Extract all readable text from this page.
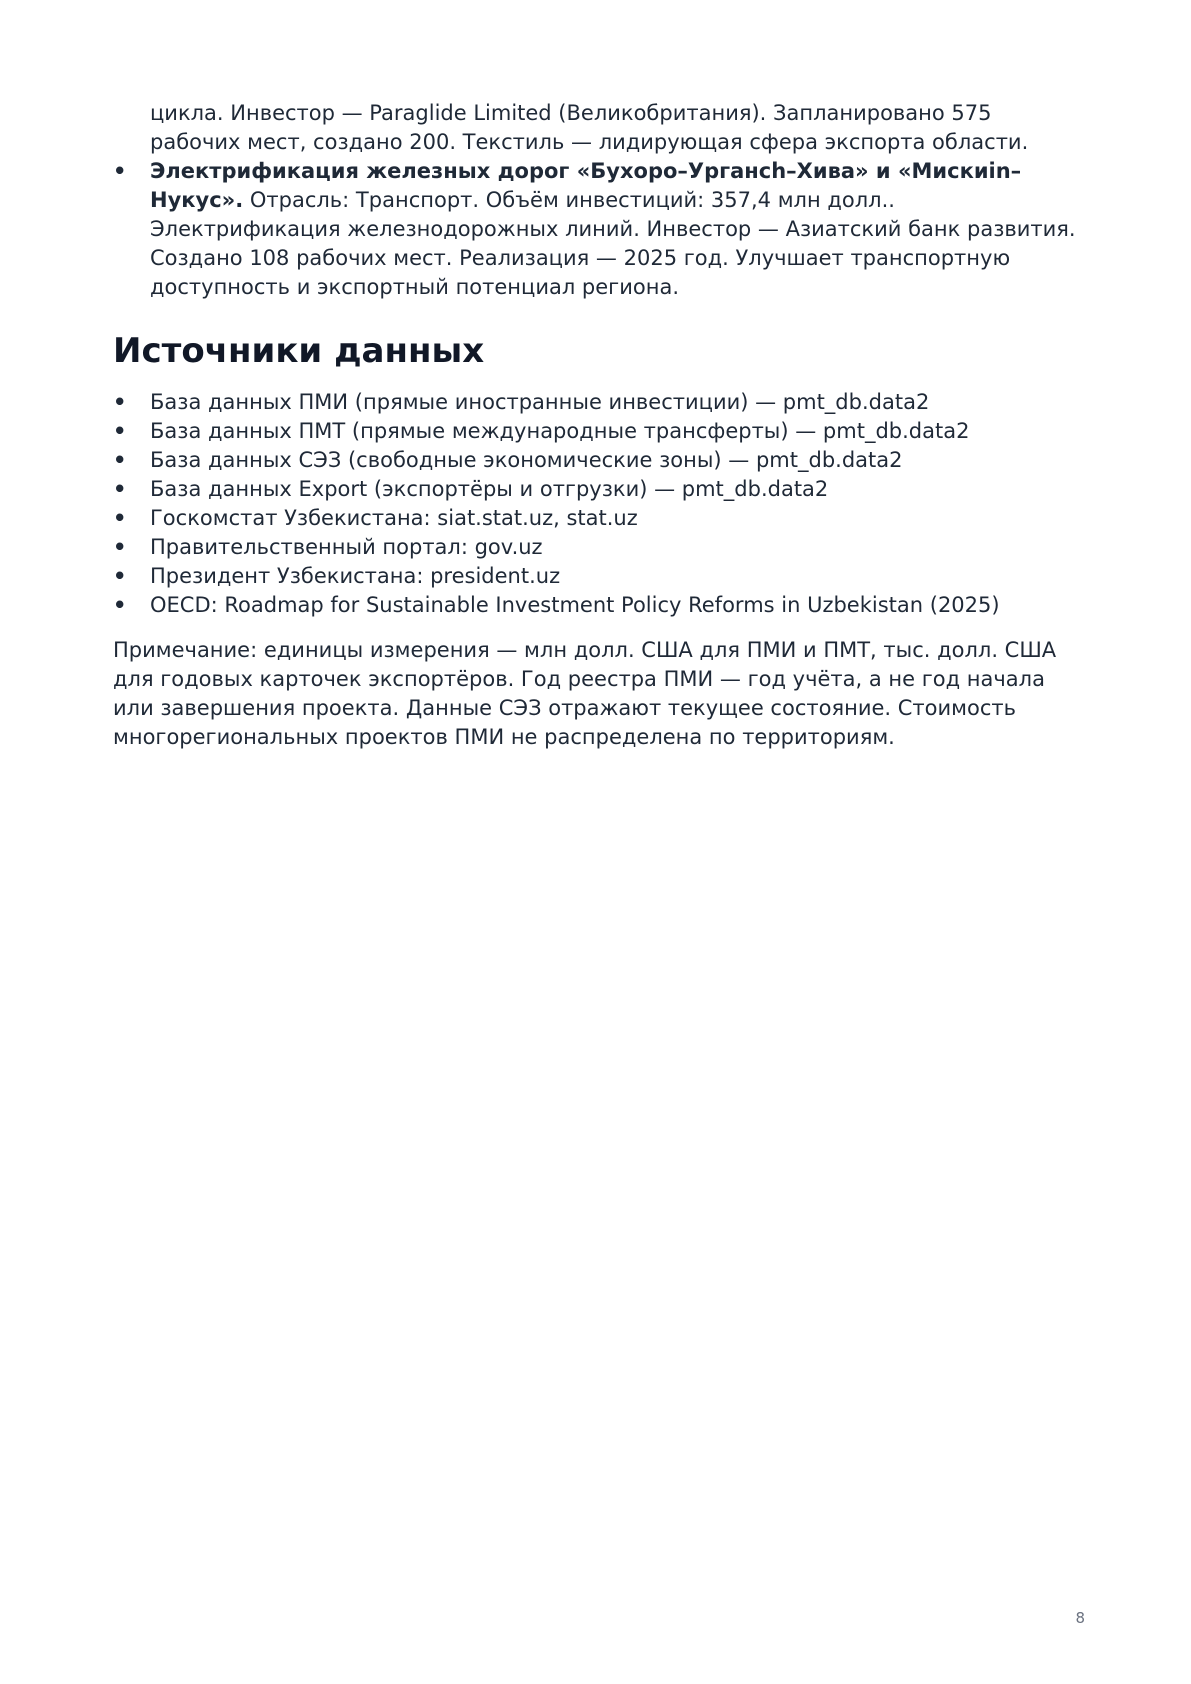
цикла. Инвестор — Paraglide Limited (Великобритания). Запланировано 575 рабочих мест, создано 200. Текстиль — лидирующая сфера экспорта области.

•	Электрификация железных дорог «Бухоро–Урганch–Хива» и «Мискиin–Нукус». Отрасль: Транспорт. Объём инвестиций: 357,4 млн долл.. Электрификация железнодорожных линий. Инвестор — Азиатский банк развития. Создано 108 рабочих мест. Реализация — 2025 год. Улучшает транспортную доступность и экспортный потенциал региона.
Источники данных
•	База данных ПМИ (прямые иностранные инвестиции) — pmt_db.data2
•	База данных ПМТ (прямые международные трансферты) — pmt_db.data2
•	База данных СЭЗ (свободные экономические зоны) — pmt_db.data2
•	База данных Export (экспортёры и отгрузки) — pmt_db.data2
•	Госкомстат Узбекистана: siat.stat.uz, stat.uz
•	Правительственный портал: gov.uz
•	Президент Узбекистана: president.uz
•	OECD: Roadmap for Sustainable Investment Policy Reforms in Uzbekistan (2025)

Примечание: единицы измерения — млн долл. США для ПМИ и ПМТ, тыс. долл. США для годовых карточек экспортёров. Год реестра ПМИ — год учёта, а не год начала или завершения проекта. Данные СЭЗ отражают текущее состояние. Стоимость многорегиональных проектов ПМИ не распределена по территориям.

8
